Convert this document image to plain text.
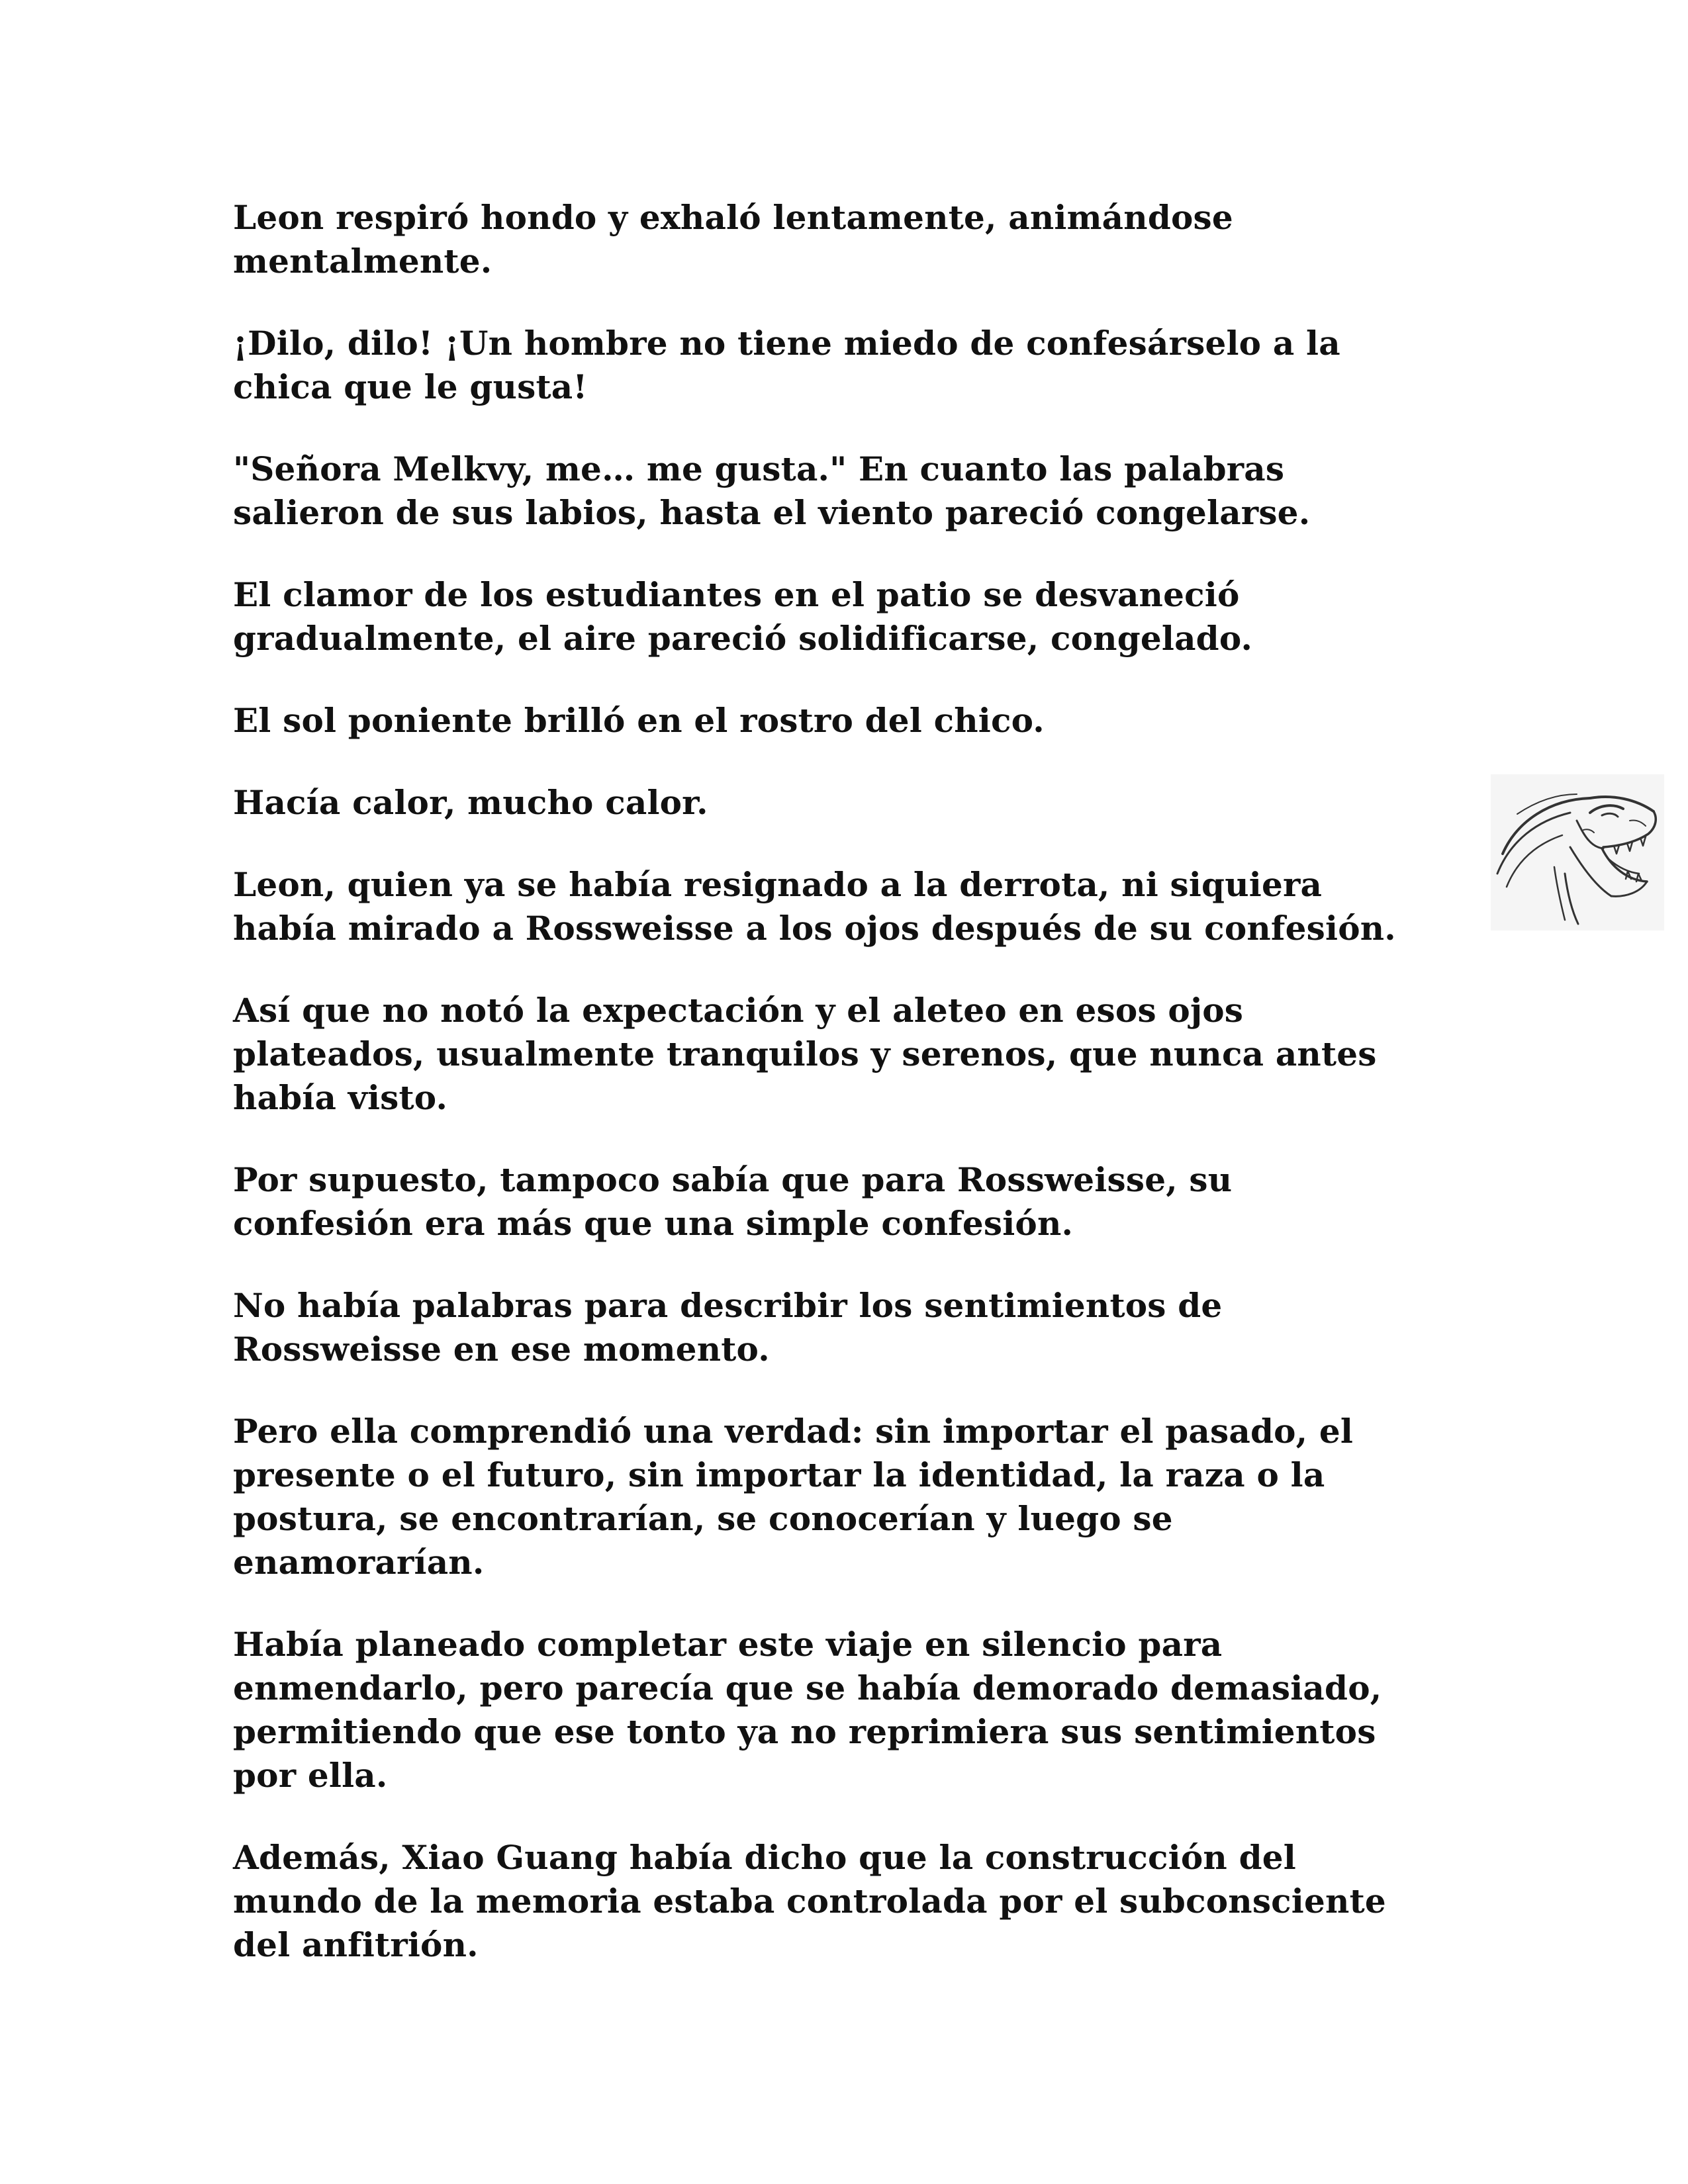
Leon respiró hondo y exhaló lentamente, animándose
mentalmente.

¡Dilo, dilo! ¡Un hombre no tiene miedo de confesárselo a la
chica que le gusta!

"Señora Melkvy, me… me gusta." En cuanto las palabras
salieron de sus labios, hasta el viento pareció congelarse.

El clamor de los estudiantes en el patio se desvaneció
gradualmente, el aire pareció solidificarse, congelado.

El sol poniente brilló en el rostro del chico.

Hacía calor, mucho calor.

Leon, quien ya se había resignado a la derrota, ni siquiera
había mirado a Rossweisse a los ojos después de su confesión.

Así que no notó la expectación y el aleteo en esos ojos
plateados, usualmente tranquilos y serenos, que nunca antes
había visto.

Por supuesto, tampoco sabía que para Rossweisse, su
confesión era más que una simple confesión.

No había palabras para describir los sentimientos de
Rossweisse en ese momento.

Pero ella comprendió una verdad: sin importar el pasado, el
presente o el futuro, sin importar la identidad, la raza o la
postura, se encontrarían, se conocerían y luego se
enamorarían.

Había planeado completar este viaje en silencio para
enmendarlo, pero parecía que se había demorado demasiado,
permitiendo que ese tonto ya no reprimiera sus sentimientos
por ella.

Además, Xiao Guang había dicho que la construcción del
mundo de la memoria estaba controlada por el subconsciente
del anfitrión.
